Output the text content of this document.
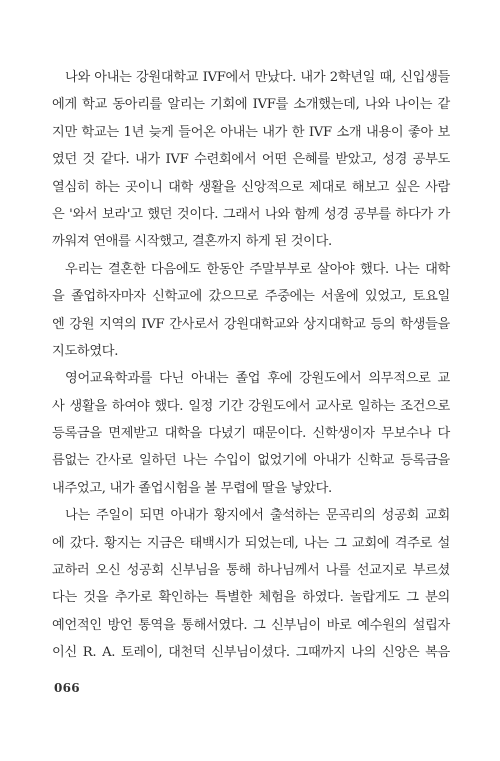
나와 아내는 강원대학교 IVF에서 만났다. 내가 2학년일 때, 신입생들
에게 학교 동아리를 알리는 기회에 IVF를 소개했는데, 나와 나이는 같
지만 학교는 1년 늦게 들어온 아내는 내가 한 IVF 소개 내용이 좋아 보
였던 것 같다. 내가 IVF 수련회에서 어떤 은혜를 받았고, 성경 공부도
열심히 하는 곳이니 대학 생활을 신앙적으로 제대로 해보고 싶은 사람
은 '와서 보라'고 했던 것이다. 그래서 나와 함께 성경 공부를 하다가 가
까워져 연애를 시작했고, 결혼까지 하게 된 것이다.
우리는 결혼한 다음에도 한동안 주말부부로 살아야 했다. 나는 대학
을 졸업하자마자 신학교에 갔으므로 주중에는 서울에 있었고, 토요일
엔 강원 지역의 IVF 간사로서 강원대학교와 상지대학교 등의 학생들을
지도하였다.
영어교육학과를 다닌 아내는 졸업 후에 강원도에서 의무적으로 교
사 생활을 하여야 했다. 일정 기간 강원도에서 교사로 일하는 조건으로
등록금을 면제받고 대학을 다녔기 때문이다. 신학생이자 무보수나 다
름없는 간사로 일하던 나는 수입이 없었기에 아내가 신학교 등록금을
내주었고, 내가 졸업시험을 볼 무렵에 딸을 낳았다.
나는 주일이 되면 아내가 황지에서 출석하는 문곡리의 성공회 교회
에 갔다. 황지는 지금은 태백시가 되었는데, 나는 그 교회에 격주로 설
교하러 오신 성공회 신부님을 통해 하나님께서 나를 선교지로 부르셨
다는 것을 추가로 확인하는 특별한 체험을 하였다. 놀랍게도 그 분의
예언적인 방언 통역을 통해서였다. 그 신부님이 바로 예수원의 설립자
이신 R. A. 토레이, 대천덕 신부님이셨다. 그때까지 나의 신앙은 복음
066
